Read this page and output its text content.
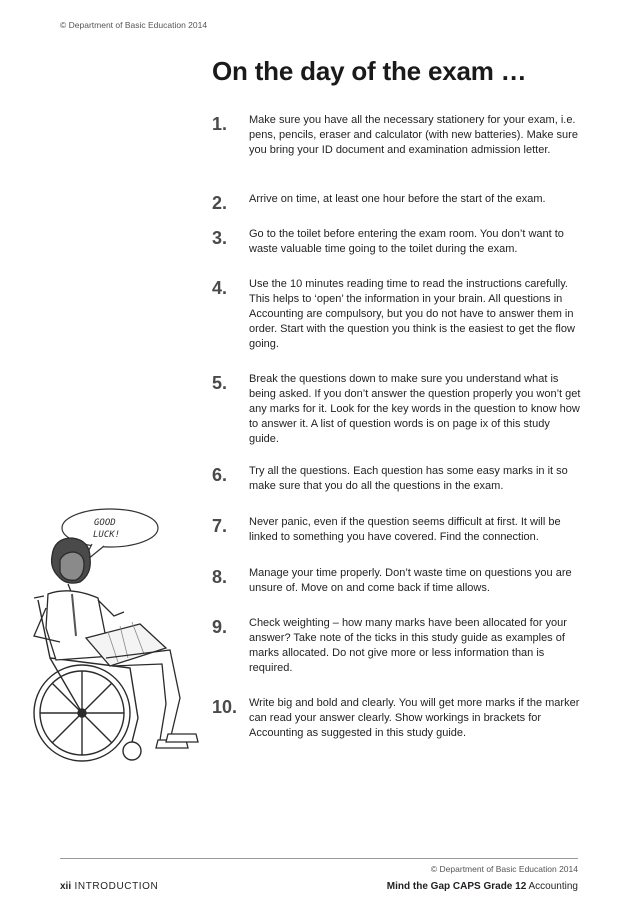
© Department of Basic Education 2014
On the day of the exam …
1.	Make sure you have all the necessary stationery for your exam, i.e. pens, pencils, eraser and calculator (with new batteries). Make sure you bring your ID document and examination admission letter.
2.	Arrive on time, at least one hour before the start of the exam.
3.	Go to the toilet before entering the exam room. You don’t want to waste valuable time going to the toilet during the exam.
4.	Use the 10 minutes reading time to read the instructions carefully. This helps to ‘open’ the information in your brain. All questions in Accounting are compulsory, but you do not have to answer them in order. Start with the question you think is the easiest to get the flow going.
5.	Break the questions down to make sure you understand what is being asked. If you don’t answer the question properly you won’t get any marks for it. Look for the key words in the question to know how to answer it. A list of question words is on page ix of this study guide.
6.	Try all the questions. Each question has some easy marks in it so make sure that you do all the questions in the exam.
7.	Never panic, even if the question seems difficult at first. It will be linked to something you have covered. Find the connection.
8.	Manage your time properly. Don’t waste time on questions you are unsure of. Move on and come back if time allows.
9.	Check weighting – how many marks have been allocated for your answer? Take note of the ticks in this study guide as examples of marks allocated. Do not give more or less information than is required.
10.	Write big and bold and clearly. You will get more marks if the marker can read your answer clearly. Show workings in brackets for Accounting as suggested in this study guide.
GOOD
LUCK!
© Department of Basic Education 2014
xii INTRODUCTION	Mind the Gap CAPS Grade 12 Accounting
